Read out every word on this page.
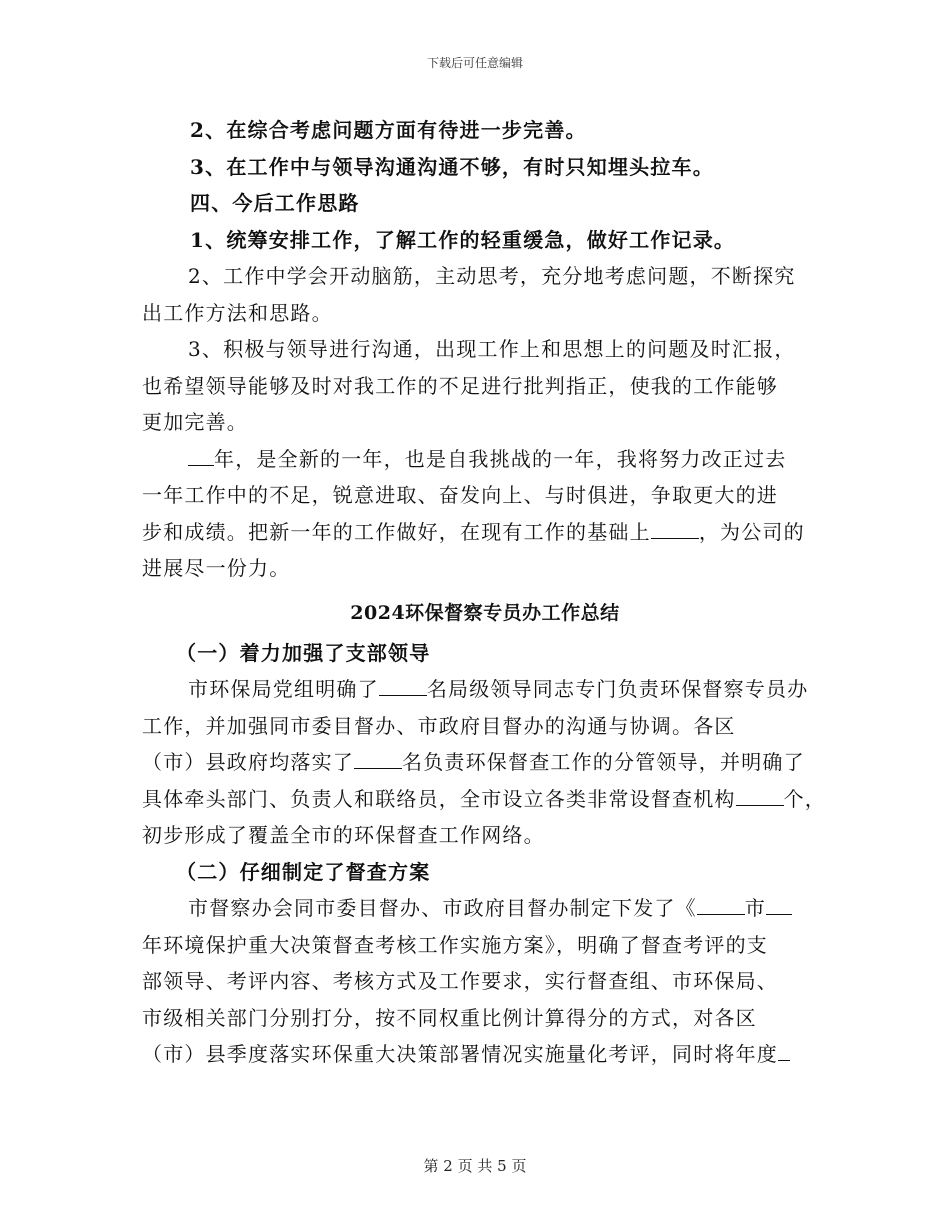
下载后可任意编辑
2、在综合考虑问题方面有待进一步完善。
3、在工作中与领导沟通沟通不够，有时只知埋头拉车。
四、今后工作思路
1、统筹安排工作，了解工作的轻重缓急，做好工作记录。
2、工作中学会开动脑筋，主动思考，充分地考虑问题，不断探究
出工作方法和思路。
3、积极与领导进行沟通，出现工作上和思想上的问题及时汇报，
也希望领导能够及时对我工作的不足进行批判指正，使我的工作能够
更加完善。
年，是全新的一年，也是自我挑战的一年，我将努力改正过去
一年工作中的不足，锐意进取、奋发向上、与时俱进，争取更大的进
步和成绩。把新一年的工作做好，在现有工作的基础上 ，为公司的
进展尽一份力。
2024环保督察专员办工作总结
（一）着力加强了支部领导
市环保局党组明确了 名局级领导同志专门负责环保督察专员办
工作，并加强同市委目督办、市政府目督办的沟通与协调。各区
（市）县政府均落实了 名负责环保督查工作的分管领导，并明确了
具体牵头部门、负责人和联络员，全市设立各类非常设督查机构 个，
初步形成了覆盖全市的环保督查工作网络。
（二）仔细制定了督查方案
市督察办会同市委目督办、市政府目督办制定下发了《 市
年环境保护重大决策督查考核工作实施方案》，明确了督查考评的支
部领导、考评内容、考核方式及工作要求，实行督查组、市环保局、
市级相关部门分别打分，按不同权重比例计算得分的方式，对各区
（市）县季度落实环保重大决策部署情况实施量化考评，同时将年度
第 2 页 共 5 页
